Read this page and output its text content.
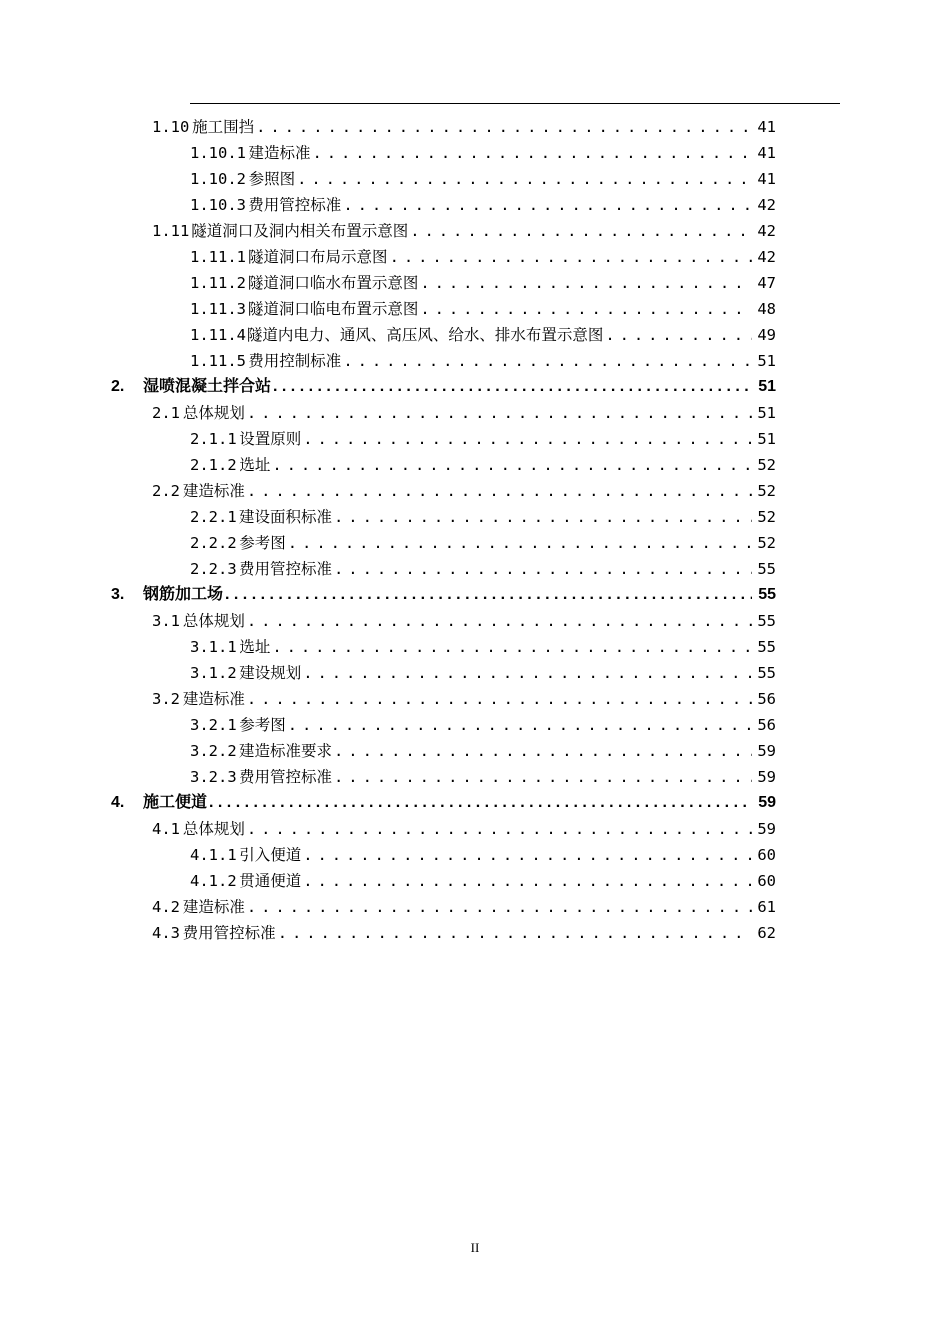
1.10 施工围挡 . . .	41
1.10.1 建造标准 . . .	41
1.10.2 参照图 . . .	41
1.10.3 费用管控标准 . . .	42
1.11 隧道洞口及洞内相关布置示意图 . . .	42
1.11.1 隧道洞口布局示意图 . . .	42
1.11.2 隧道洞口临水布置示意图 . . .	47
1.11.3 隧道洞口临电布置示意图 . . .	48
1.11.4 隧道内电力、通风、高压风、给水、排水布置示意图 . . .	49
1.11.5 费用控制标准 . . .	51
2.	湿喷混凝土拌合站 . . .	51
2.1 总体规划 . . .	51
2.1.1 设置原则 . . .	51
2.1.2 选址 . . .	52
2.2 建造标准 . . .	52
2.2.1 建设面积标准 . . .	52
2.2.2 参考图 . . .	52
2.2.3 费用管控标准 . . .	55
3.	钢筋加工场 . . .	55
3.1 总体规划 . . .	55
3.1.1 选址 . . .	55
3.1.2 建设规划 . . .	55
3.2 建造标准 . . .	56
3.2.1 参考图 . . .	56
3.2.2 建造标准要求 . . .	59
3.2.3 费用管控标准 . . .	59
4.	施工便道 . . .	59
4.1 总体规划 . . .	59
4.1.1 引入便道 . . .	60
4.1.2 贯通便道 . . .	60
4.2 建造标准 . . .	61
4.3 费用管控标准 . . .	62
II
